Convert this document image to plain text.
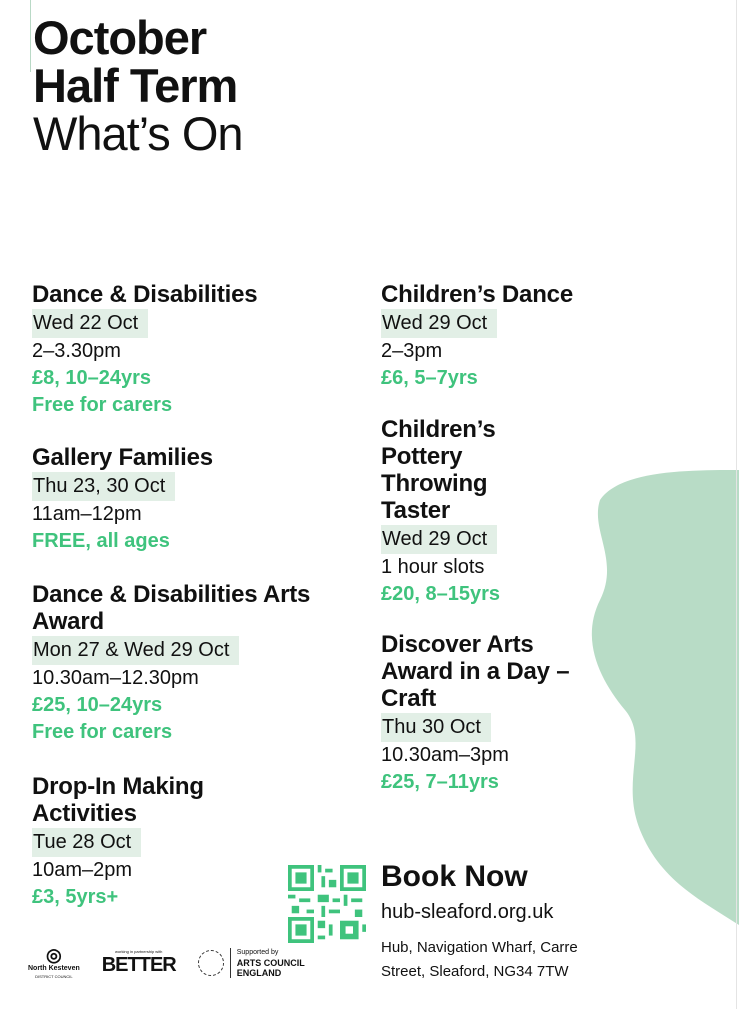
October
Half Term
What’s On
Dance & Disabilities
Wed 22 Oct
2–3.30pm
£8, 10–24yrs
Free for carers
Gallery Families
Thu 23, 30 Oct
11am–12pm
FREE, all ages
Dance & Disabilities Arts Award
Mon 27 & Wed 29 Oct
10.30am–12.30pm
£25, 10–24yrs
Free for carers
Drop-In Making Activities
Tue 28 Oct
10am–2pm
£3, 5yrs+
Children’s Dance
Wed 29 Oct
2–3pm
£6, 5–7yrs
Children’s Pottery Throwing Taster
Wed 29 Oct
1 hour slots
£20, 8–15yrs
Discover Arts Award in a Day –Craft
Thu 30 Oct
10.30am–3pm
£25, 7–11yrs
Book Now
hub-sleaford.org.uk
Hub, Navigation Wharf, Carre
Street, Sleaford, NG34 7TW
◎
North Kesteven
DISTRICT COUNCIL
working in partnership with
BETTER
Supported by
ARTS COUNCIL
ENGLAND
